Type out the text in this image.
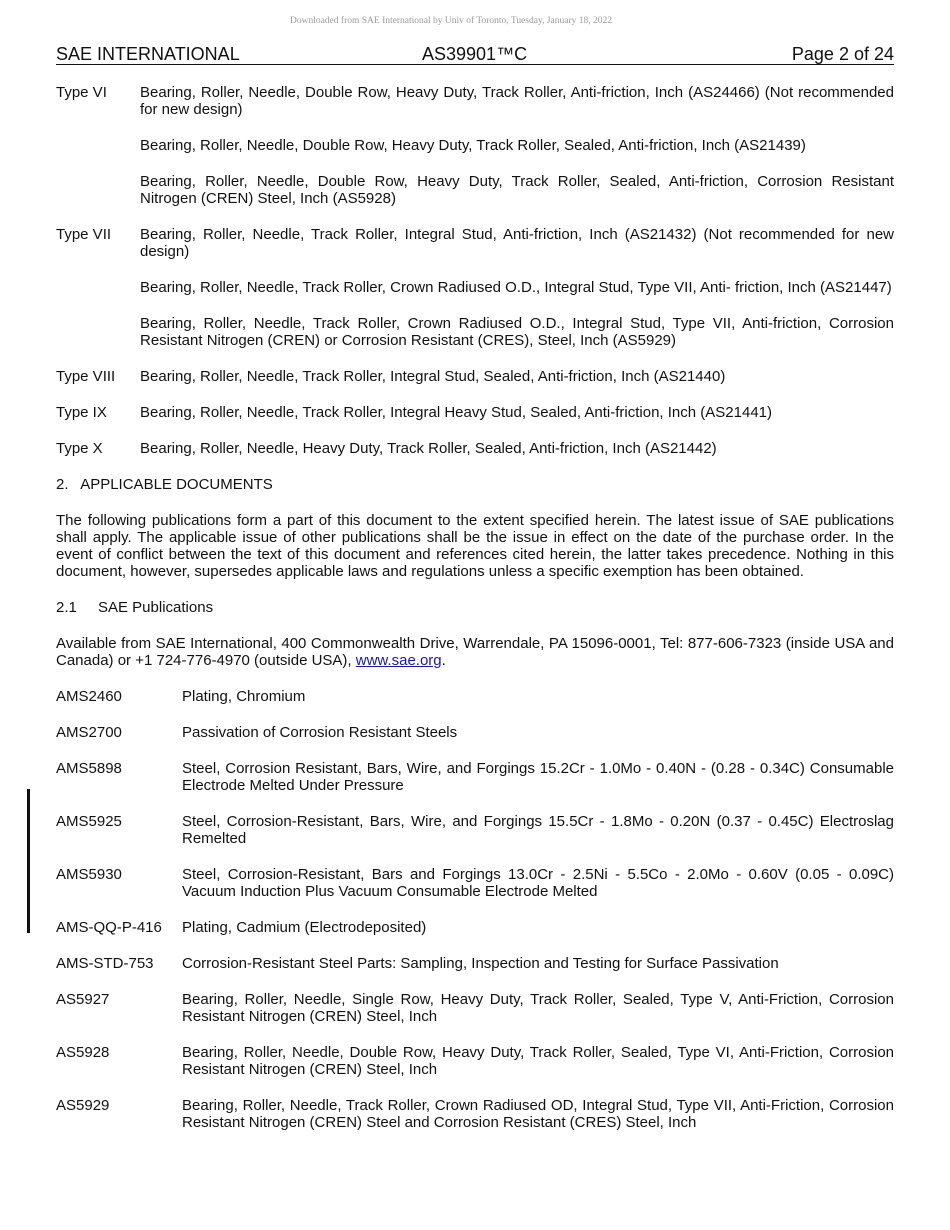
Downloaded from SAE International by Univ of Toronto, Tuesday, January 18, 2022
SAE INTERNATIONAL	AS39901™C	Page 2 of 24
Type VI	Bearing, Roller, Needle, Double Row, Heavy Duty, Track Roller, Anti-friction, Inch (AS24466) (Not recommended for new design)
Bearing, Roller, Needle, Double Row, Heavy Duty, Track Roller, Sealed, Anti-friction, Inch (AS21439)
Bearing, Roller, Needle, Double Row, Heavy Duty, Track Roller, Sealed, Anti-friction, Corrosion Resistant Nitrogen (CREN) Steel, Inch (AS5928)
Type VII	Bearing, Roller, Needle, Track Roller, Integral Stud, Anti-friction, Inch (AS21432) (Not recommended for new design)
Bearing, Roller, Needle, Track Roller, Crown Radiused O.D., Integral Stud, Type VII, Anti- friction, Inch (AS21447)
Bearing, Roller, Needle, Track Roller, Crown Radiused O.D., Integral Stud, Type VII, Anti-friction, Corrosion Resistant Nitrogen (CREN) or Corrosion Resistant (CRES), Steel, Inch (AS5929)
Type VIII	Bearing, Roller, Needle, Track Roller, Integral Stud, Sealed, Anti-friction, Inch (AS21440)
Type IX	Bearing, Roller, Needle, Track Roller, Integral Heavy Stud, Sealed, Anti-friction, Inch (AS21441)
Type X	Bearing, Roller, Needle, Heavy Duty, Track Roller, Sealed, Anti-friction, Inch (AS21442)
2. APPLICABLE DOCUMENTS
The following publications form a part of this document to the extent specified herein. The latest issue of SAE publications shall apply. The applicable issue of other publications shall be the issue in effect on the date of the purchase order. In the event of conflict between the text of this document and references cited herein, the latter takes precedence. Nothing in this document, however, supersedes applicable laws and regulations unless a specific exemption has been obtained.
2.1 SAE Publications
Available from SAE International, 400 Commonwealth Drive, Warrendale, PA 15096-0001, Tel: 877-606-7323 (inside USA and Canada) or +1 724-776-4970 (outside USA), www.sae.org.
AMS2460	Plating, Chromium
AMS2700	Passivation of Corrosion Resistant Steels
AMS5898	Steel, Corrosion Resistant, Bars, Wire, and Forgings 15.2Cr - 1.0Mo - 0.40N - (0.28 - 0.34C) Consumable Electrode Melted Under Pressure
AMS5925	Steel, Corrosion-Resistant, Bars, Wire, and Forgings 15.5Cr - 1.8Mo - 0.20N (0.37 - 0.45C) Electroslag Remelted
AMS5930	Steel, Corrosion-Resistant, Bars and Forgings 13.0Cr - 2.5Ni - 5.5Co - 2.0Mo - 0.60V (0.05 - 0.09C) Vacuum Induction Plus Vacuum Consumable Electrode Melted
AMS-QQ-P-416	Plating, Cadmium (Electrodeposited)
AMS-STD-753	Corrosion-Resistant Steel Parts: Sampling, Inspection and Testing for Surface Passivation
AS5927	Bearing, Roller, Needle, Single Row, Heavy Duty, Track Roller, Sealed, Type V, Anti-Friction, Corrosion Resistant Nitrogen (CREN) Steel, Inch
AS5928	Bearing, Roller, Needle, Double Row, Heavy Duty, Track Roller, Sealed, Type VI, Anti-Friction, Corrosion Resistant Nitrogen (CREN) Steel, Inch
AS5929	Bearing, Roller, Needle, Track Roller, Crown Radiused OD, Integral Stud, Type VII, Anti-Friction, Corrosion Resistant Nitrogen (CREN) Steel and Corrosion Resistant (CRES) Steel, Inch
